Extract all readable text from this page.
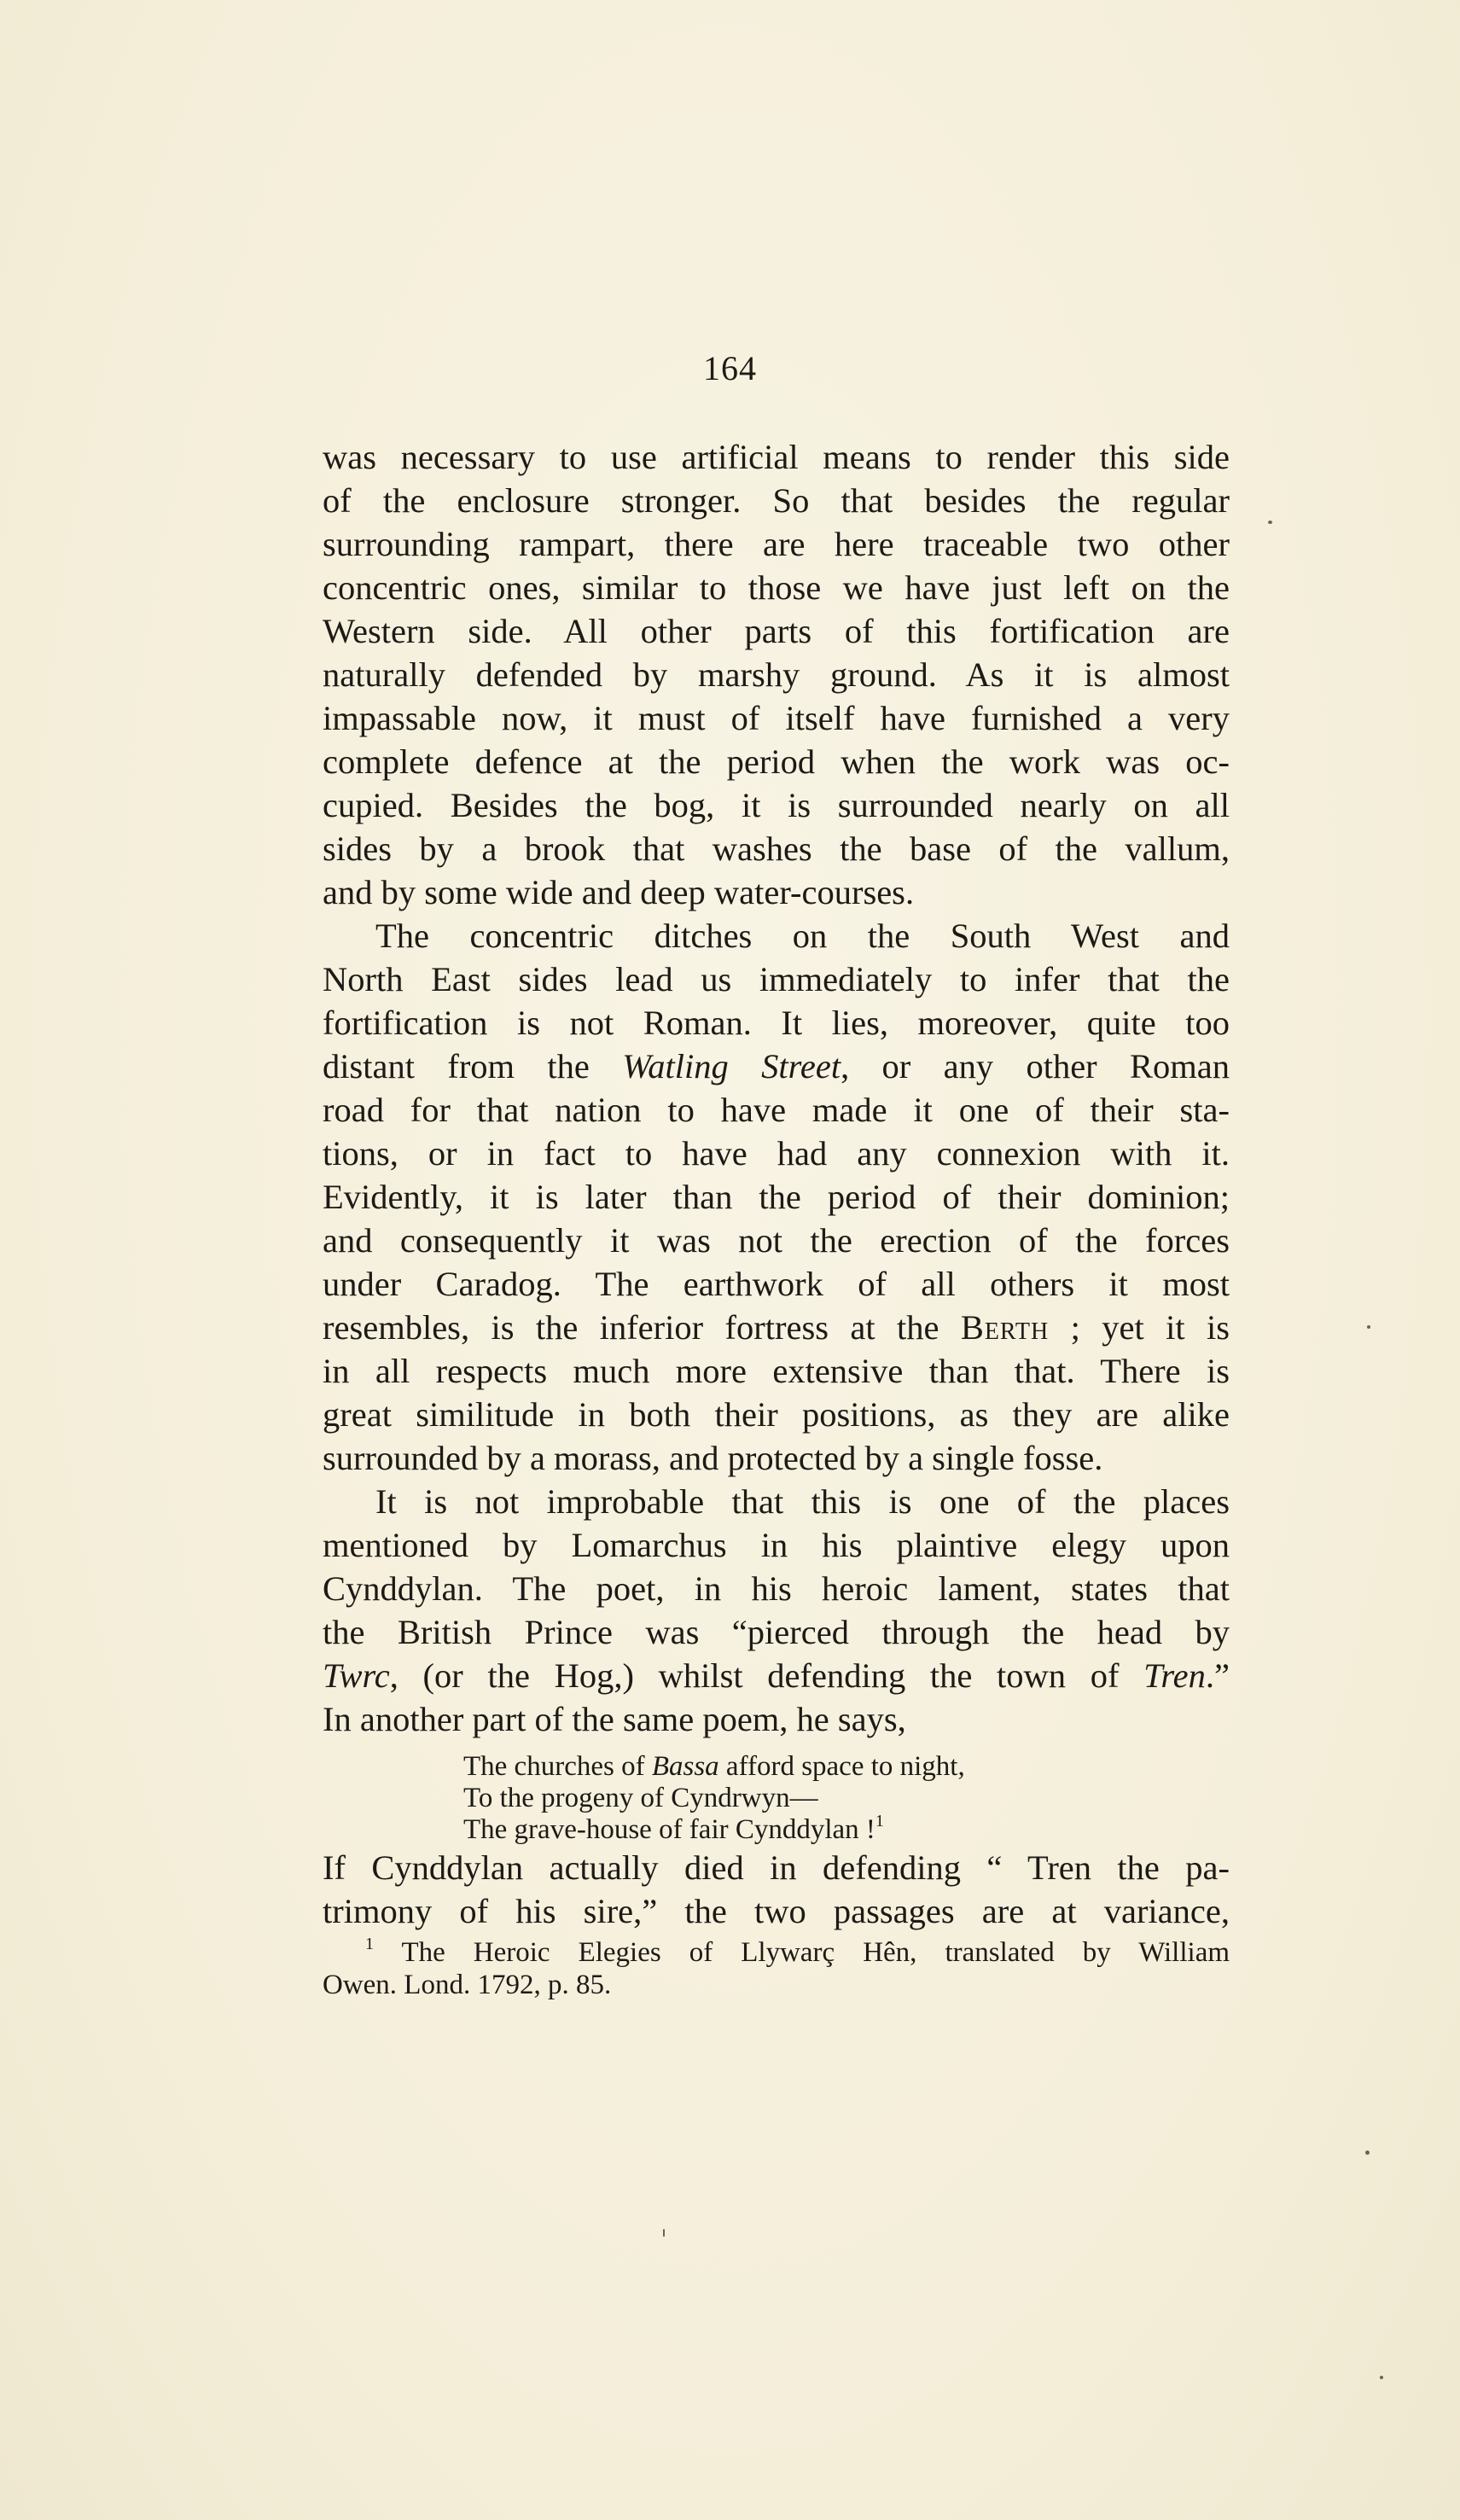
164
was necessary to use artificial means to render this side
of the enclosure stronger. So that besides the regular
surrounding rampart, there are here traceable two other
concentric ones, similar to those we have just left on the
Western side. All other parts of this fortification are
naturally defended by marshy ground. As it is almost
impassable now, it must of itself have furnished a very
complete defence at the period when the work was oc-
cupied. Besides the bog, it is surrounded nearly on all
sides by a brook that washes the base of the vallum,
and by some wide and deep water-courses.
The concentric ditches on the South West and
North East sides lead us immediately to infer that the
fortification is not Roman. It lies, moreover, quite too
distant from the Watling Street, or any other Roman
road for that nation to have made it one of their sta-
tions, or in fact to have had any connexion with it.
Evidently, it is later than the period of their dominion;
and consequently it was not the erection of the forces
under Caradog. The earthwork of all others it most
resembles, is the inferior fortress at the Berth ; yet it is
in all respects much more extensive than that. There is
great similitude in both their positions, as they are alike
surrounded by a morass, and protected by a single fosse.
It is not improbable that this is one of the places
mentioned by Lomarchus in his plaintive elegy upon
Cynddylan. The poet, in his heroic lament, states that
the British Prince was “pierced through the head by
Twrc, (or the Hog,) whilst defending the town of Tren.”
In another part of the same poem, he says,
The churches of Bassa afford space to night,
To the progeny of Cyndrwyn—
The grave-house of fair Cynddylan !$^1$
If Cynddylan actually died in defending “ Tren the pa-
trimony of his sire,” the two passages are at variance,
$^1$ The Heroic Elegies of Llywarç Hên, translated by William
Owen. Lond. 1792, p. 85.
